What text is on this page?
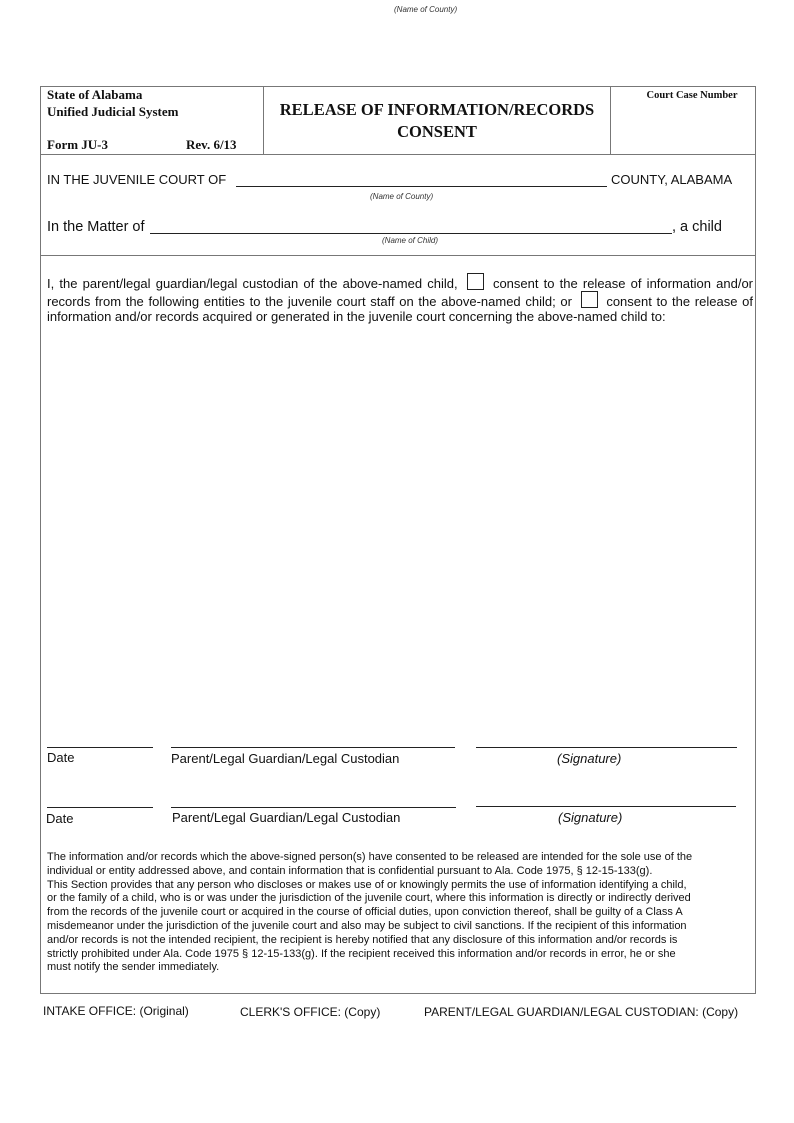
(Name of County)
State of Alabama
Unified Judicial System
Form JU-3	Rev. 6/13
RELEASE OF INFORMATION/RECORDS
CONSENT
Court Case Number
IN THE JUVENILE COURT OF	COUNTY, ALABAMA
(Name of County)
In the Matter of	, a child
(Name of Child)
I, the parent/legal guardian/legal custodian of the above-named child,	consent to the release of information and/or
records from the following entities to the juvenile court staff on the above-named child; or	consent to the release of
information and/or records acquired or generated in the juvenile court concerning the above-named child to:
Date	Parent/Legal Guardian/Legal Custodian	(Signature)
Date	Parent/Legal Guardian/Legal Custodian	(Signature)
The information and/or records which the above-signed person(s) have consented to be released are intended for the sole use of the
individual or entity addressed above, and contain information that is confidential pursuant to Ala. Code 1975, § 12-15-133(g).
This Section provides that any person who discloses or makes use of or knowingly permits the use of information identifying a child,
or the family of a child, who is or was under the jurisdiction of the juvenile court, where this information is directly or indirectly derived
from the records of the juvenile court or acquired in the course of official duties, upon conviction thereof, shall be guilty of a Class A
misdemeanor under the jurisdiction of the juvenile court and also may be subject to civil sanctions. If the recipient of this information
and/or records is not the intended recipient, the recipient is hereby notified that any disclosure of this information and/or records is
strictly prohibited under Ala. Code 1975 § 12-15-133(g). If the recipient received this information and/or records in error, he or she
must notify the sender immediately.
INTAKE OFFICE: (Original)	CLERK'S OFFICE: (Copy)	PARENT/LEGAL GUARDIAN/LEGAL CUSTODIAN: (Copy)
